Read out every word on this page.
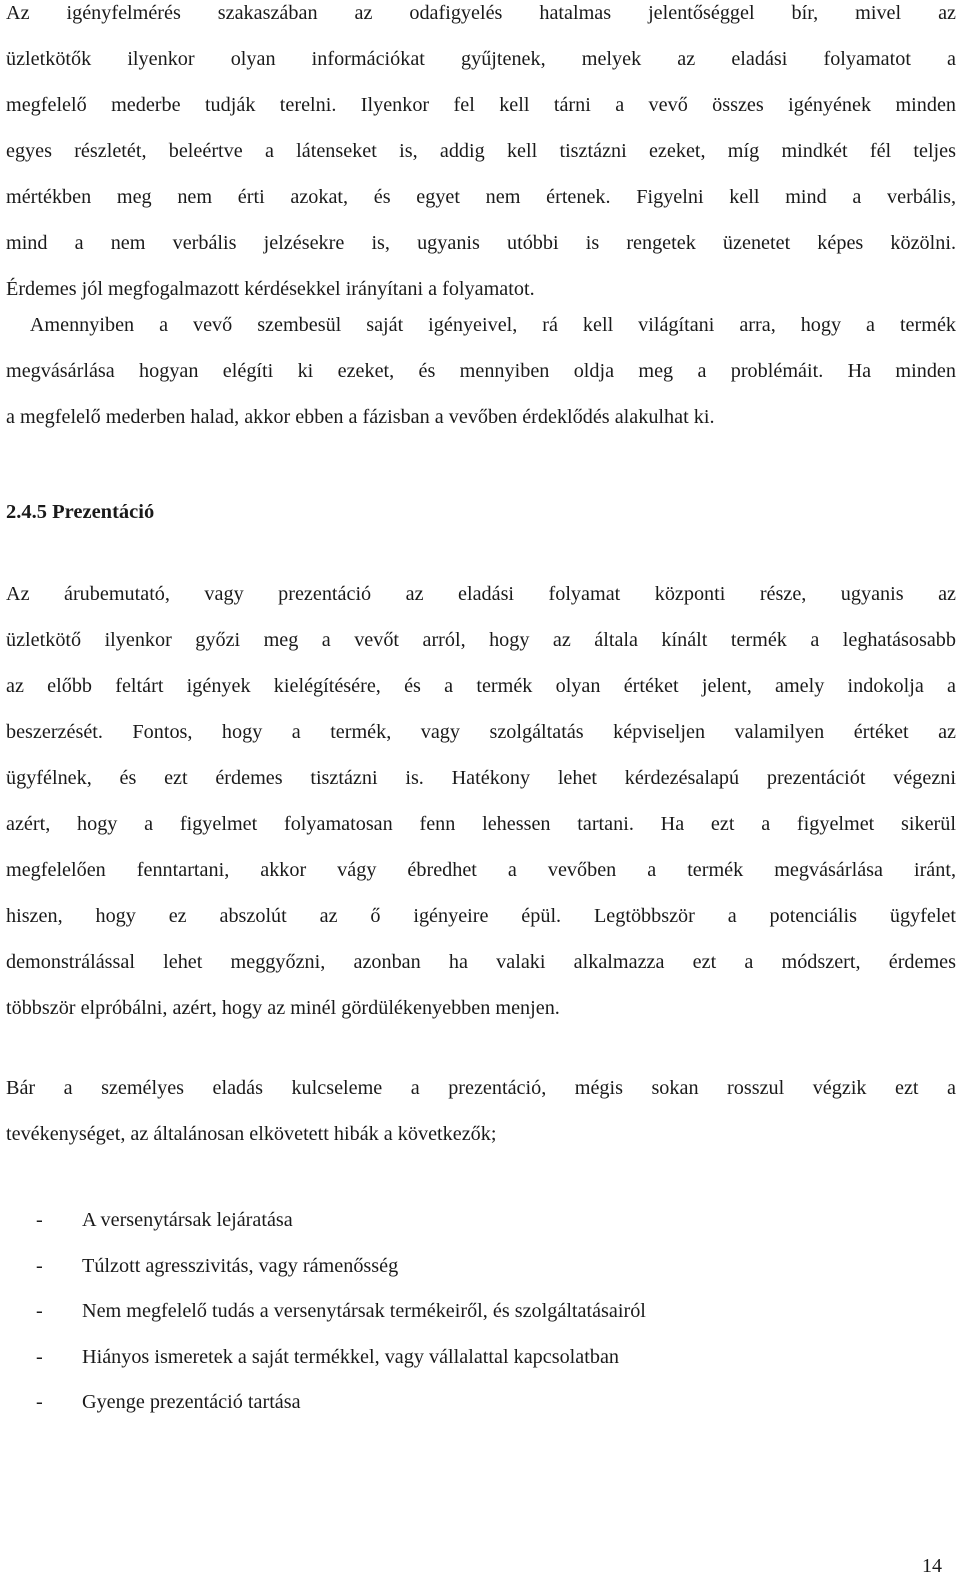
Az igényfelmérés szakaszában az odafigyelés hatalmas jelentőséggel bír, mivel az
üzletkötők ilyenkor olyan információkat gyűjtenek, melyek az eladási folyamatot a
megfelelő mederbe tudják terelni. Ilyenkor fel kell tárni a vevő összes igényének minden
egyes részletét, beleértve a látenseket is, addig kell tisztázni ezeket, míg mindkét fél teljes
mértékben meg nem érti azokat, és egyet nem értenek. Figyelni kell mind a verbális,
mind a nem verbális jelzésekre is, ugyanis utóbbi is rengetek üzenetet képes közölni.
Érdemes jól megfogalmazott kérdésekkel irányítani a folyamatot.
Amennyiben a vevő szembesül saját igényeivel, rá kell világítani arra, hogy a termék
megvásárlása hogyan elégíti ki ezeket, és mennyiben oldja meg a problémáit. Ha minden
a megfelelő mederben halad, akkor ebben a fázisban a vevőben érdeklődés alakulhat ki.
2.4.5 Prezentáció
Az árubemutató, vagy prezentáció az eladási folyamat központi része, ugyanis az
üzletkötő ilyenkor győzi meg a vevőt arról, hogy az általa kínált termék a leghatásosabb
az előbb feltárt igények kielégítésére, és a termék olyan értéket jelent, amely indokolja a
beszerzését. Fontos, hogy a termék, vagy szolgáltatás képviseljen valamilyen értéket az
ügyfélnek, és ezt érdemes tisztázni is. Hatékony lehet kérdezésalapú prezentációt végezni
azért, hogy a figyelmet folyamatosan fenn lehessen tartani. Ha ezt a figyelmet sikerül
megfelelően fenntartani, akkor vágy ébredhet a vevőben a termék megvásárlása iránt,
hiszen, hogy ez abszolút az ő igényeire épül. Legtöbbször a potenciális ügyfelet
demonstrálással lehet meggyőzni, azonban ha valaki alkalmazza ezt a módszert, érdemes
többször elpróbálni, azért, hogy az minél gördülékenyebben menjen.
Bár a személyes eladás kulcseleme a prezentáció, mégis sokan rosszul végzik ezt a
tevékenységet, az általánosan elkövetett hibák a következők;
- A versenytársak lejáratása
- Túlzott agresszivitás, vagy rámenősség
- Nem megfelelő tudás a versenytársak termékeiről, és szolgáltatásairól
- Hiányos ismeretek a saját termékkel, vagy vállalattal kapcsolatban
- Gyenge prezentáció tartása
14
